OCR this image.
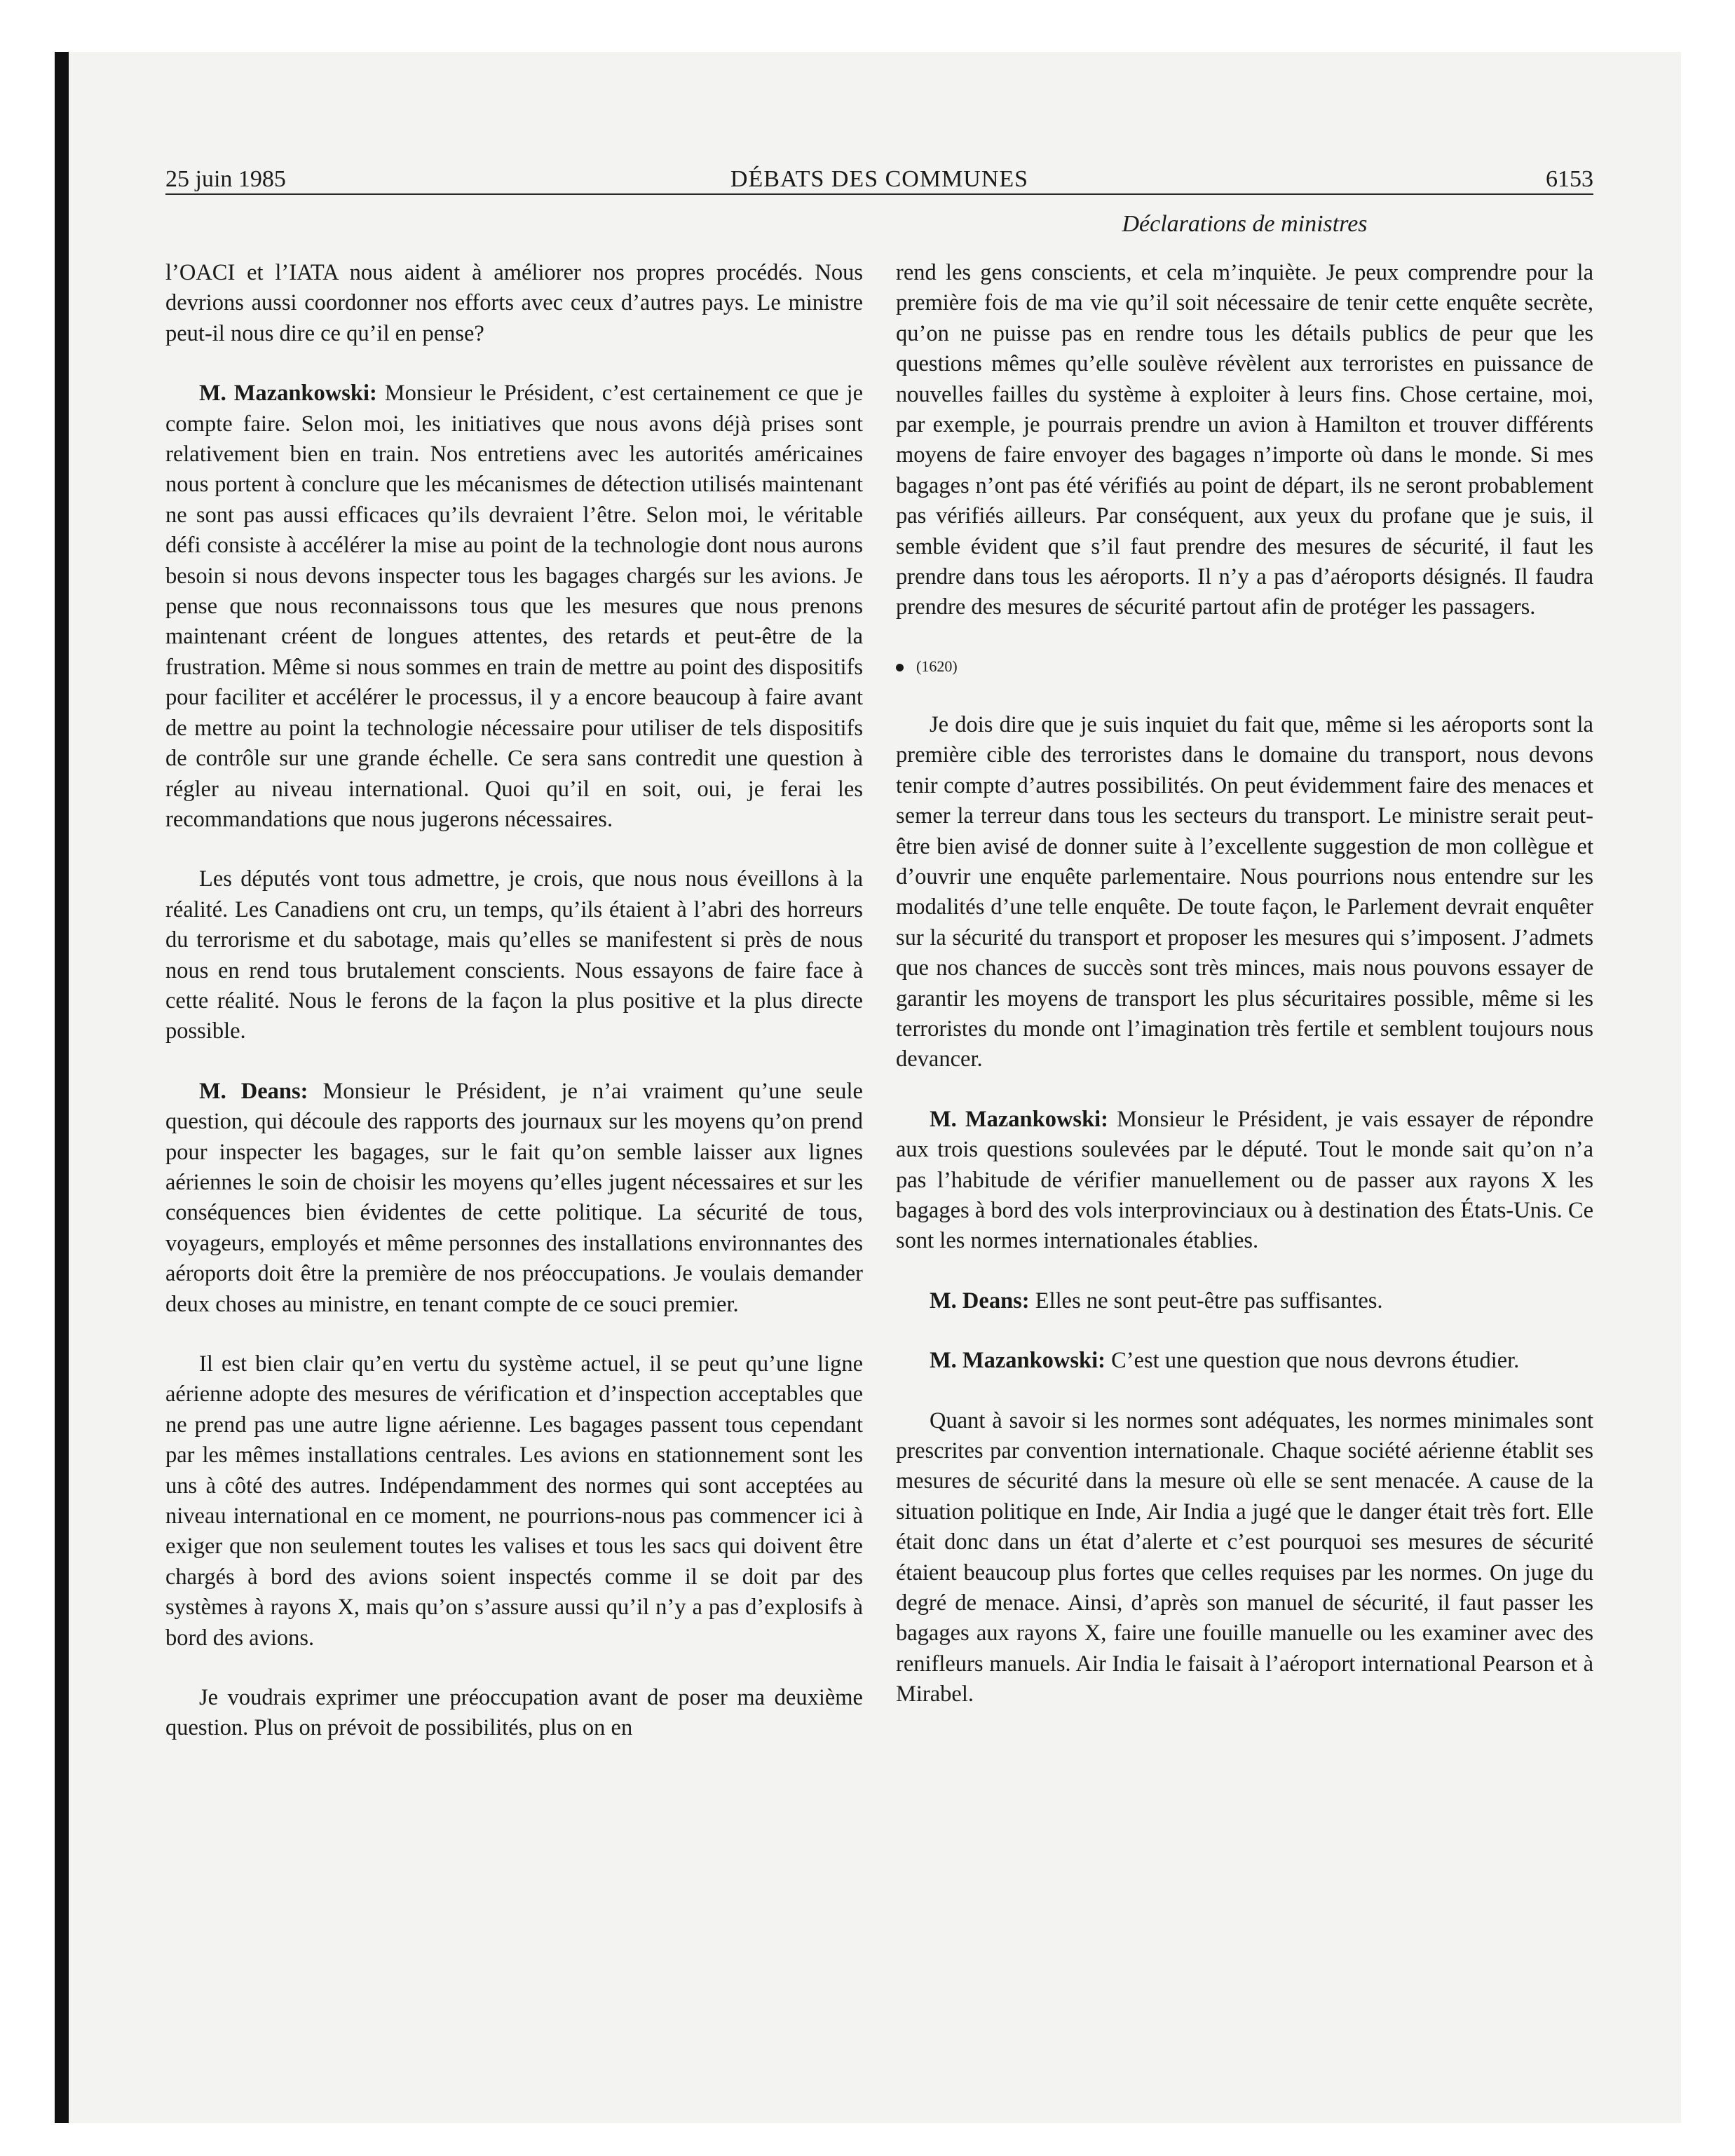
25 juin 1985	DÉBATS DES COMMUNES	6153
Déclarations de ministres

l’OACI et l’IATA nous aident à améliorer nos propres procédés. Nous devrions aussi coordonner nos efforts avec ceux d’autres pays. Le ministre peut-il nous dire ce qu’il en pense?

M. Mazankowski: Monsieur le Président, c’est certainement ce que je compte faire. Selon moi, les initiatives que nous avons déjà prises sont relativement bien en train. Nos entretiens avec les autorités américaines nous portent à conclure que les mécanismes de détection utilisés maintenant ne sont pas aussi efficaces qu’ils devraient l’être. Selon moi, le véritable défi consiste à accélérer la mise au point de la technologie dont nous aurons besoin si nous devons inspecter tous les bagages chargés sur les avions. Je pense que nous reconnaissons tous que les mesures que nous prenons maintenant créent de longues attentes, des retards et peut-être de la frustration. Même si nous sommes en train de mettre au point des dispositifs pour faciliter et accélérer le processus, il y a encore beaucoup à faire avant de mettre au point la technologie nécessaire pour utiliser de tels dispositifs de contrôle sur une grande échelle. Ce sera sans contredit une question à régler au niveau international. Quoi qu’il en soit, oui, je ferai les recommandations que nous jugerons nécessaires.

Les députés vont tous admettre, je crois, que nous nous éveillons à la réalité. Les Canadiens ont cru, un temps, qu’ils étaient à l’abri des horreurs du terrorisme et du sabotage, mais qu’elles se manifestent si près de nous nous en rend tous brutalement conscients. Nous essayons de faire face à cette réalité. Nous le ferons de la façon la plus positive et la plus directe possible.

M. Deans: Monsieur le Président, je n’ai vraiment qu’une seule question, qui découle des rapports des journaux sur les moyens qu’on prend pour inspecter les bagages, sur le fait qu’on semble laisser aux lignes aériennes le soin de choisir les moyens qu’elles jugent nécessaires et sur les conséquences bien évidentes de cette politique. La sécurité de tous, voyageurs, employés et même personnes des installations environnantes des aéroports doit être la première de nos préoccupations. Je voulais demander deux choses au ministre, en tenant compte de ce souci premier.

Il est bien clair qu’en vertu du système actuel, il se peut qu’une ligne aérienne adopte des mesures de vérification et d’inspection acceptables que ne prend pas une autre ligne aérienne. Les bagages passent tous cependant par les mêmes installations centrales. Les avions en stationnement sont les uns à côté des autres. Indépendamment des normes qui sont acceptées au niveau international en ce moment, ne pourrions-nous pas commencer ici à exiger que non seulement toutes les valises et tous les sacs qui doivent être chargés à bord des avions soient inspectés comme il se doit par des systèmes à rayons X, mais qu’on s’assure aussi qu’il n’y a pas d’explosifs à bord des avions.

Je voudrais exprimer une préoccupation avant de poser ma deuxième question. Plus on prévoit de possibilités, plus on en

rend les gens conscients, et cela m’inquiète. Je peux comprendre pour la première fois de ma vie qu’il soit nécessaire de tenir cette enquête secrète, qu’on ne puisse pas en rendre tous les détails publics de peur que les questions mêmes qu’elle soulève révèlent aux terroristes en puissance de nouvelles failles du système à exploiter à leurs fins. Chose certaine, moi, par exemple, je pourrais prendre un avion à Hamilton et trouver différents moyens de faire envoyer des bagages n’importe où dans le monde. Si mes bagages n’ont pas été vérifiés au point de départ, ils ne seront probablement pas vérifiés ailleurs. Par conséquent, aux yeux du profane que je suis, il semble évident que s’il faut prendre des mesures de sécurité, il faut les prendre dans tous les aéroports. Il n’y a pas d’aéroports désignés. Il faudra prendre des mesures de sécurité partout afin de protéger les passagers.

(1620)

Je dois dire que je suis inquiet du fait que, même si les aéroports sont la première cible des terroristes dans le domaine du transport, nous devons tenir compte d’autres possibilités. On peut évidemment faire des menaces et semer la terreur dans tous les secteurs du transport. Le ministre serait peut-être bien avisé de donner suite à l’excellente suggestion de mon collègue et d’ouvrir une enquête parlementaire. Nous pourrions nous entendre sur les modalités d’une telle enquête. De toute façon, le Parlement devrait enquêter sur la sécurité du transport et proposer les mesures qui s’imposent. J’admets que nos chances de succès sont très minces, mais nous pouvons essayer de garantir les moyens de transport les plus sécuritaires possible, même si les terroristes du monde ont l’imagination très fertile et semblent toujours nous devancer.

M. Mazankowski: Monsieur le Président, je vais essayer de répondre aux trois questions soulevées par le député. Tout le monde sait qu’on n’a pas l’habitude de vérifier manuellement ou de passer aux rayons X les bagages à bord des vols interprovinciaux ou à destination des États-Unis. Ce sont les normes internationales établies.

M. Deans: Elles ne sont peut-être pas suffisantes.

M. Mazankowski: C’est une question que nous devrons étudier.

Quant à savoir si les normes sont adéquates, les normes minimales sont prescrites par convention internationale. Chaque société aérienne établit ses mesures de sécurité dans la mesure où elle se sent menacée. A cause de la situation politique en Inde, Air India a jugé que le danger était très fort. Elle était donc dans un état d’alerte et c’est pourquoi ses mesures de sécurité étaient beaucoup plus fortes que celles requises par les normes. On juge du degré de menace. Ainsi, d’après son manuel de sécurité, il faut passer les bagages aux rayons X, faire une fouille manuelle ou les examiner avec des renifleurs manuels. Air India le faisait à l’aéroport international Pearson et à Mirabel.
